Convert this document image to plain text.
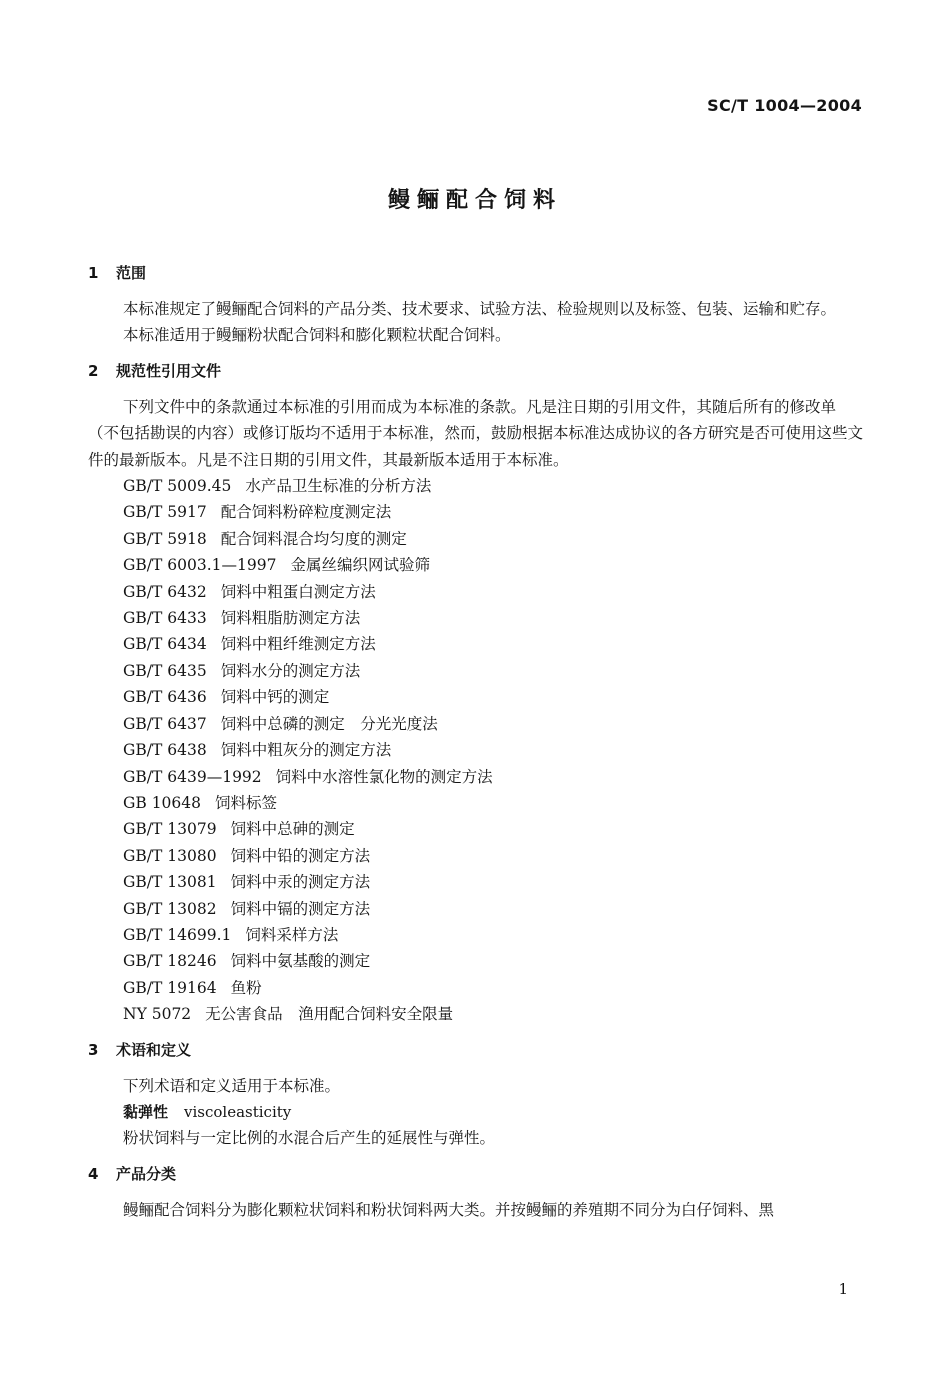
SC/T 1004—2004
鳗鲡配合饲料
1 范围

本标准规定了鳗鲡配合饲料的产品分类、技术要求、试验方法、检验规则以及标签、包装、运输和贮存。

本标准适用于鳗鲡粉状配合饲料和膨化颗粒状配合饲料。

2 规范性引用文件

下列文件中的条款通过本标准的引用而成为本标准的条款。凡是注日期的引用文件，其随后所有的修改单（不包括勘误的内容）或修订版均不适用于本标准，然而，鼓励根据本标准达成协议的各方研究是否可使用这些文件的最新版本。凡是不注日期的引用文件，其最新版本适用于本标准。

GB/T 5009.45 水产品卫生标准的分析方法
GB/T 5917 配合饲料粉碎粒度测定法
GB/T 5918 配合饲料混合均匀度的测定
GB/T 6003.1—1997 金属丝编织网试验筛
GB/T 6432 饲料中粗蛋白测定方法
GB/T 6433 饲料粗脂肪测定方法
GB/T 6434 饲料中粗纤维测定方法
GB/T 6435 饲料水分的测定方法
GB/T 6436 饲料中钙的测定
GB/T 6437 饲料中总磷的测定　分光光度法
GB/T 6438 饲料中粗灰分的测定方法
GB/T 6439—1992 饲料中水溶性氯化物的测定方法
GB 10648 饲料标签
GB/T 13079 饲料中总砷的测定
GB/T 13080 饲料中铅的测定方法
GB/T 13081 饲料中汞的测定方法
GB/T 13082 饲料中镉的测定方法
GB/T 14699.1 饲料采样方法
GB/T 18246 饲料中氨基酸的测定
GB/T 19164 鱼粉
NY 5072 无公害食品　渔用配合饲料安全限量
3 术语和定义
下列术语和定义适用于本标准。
黏弹性 viscoleasticity
粉状饲料与一定比例的水混合后产生的延展性与弹性。
4 产品分类

鳗鲡配合饲料分为膨化颗粒状饲料和粉状饲料两大类。并按鳗鲡的养殖期不同分为白仔饲料、黑

1
